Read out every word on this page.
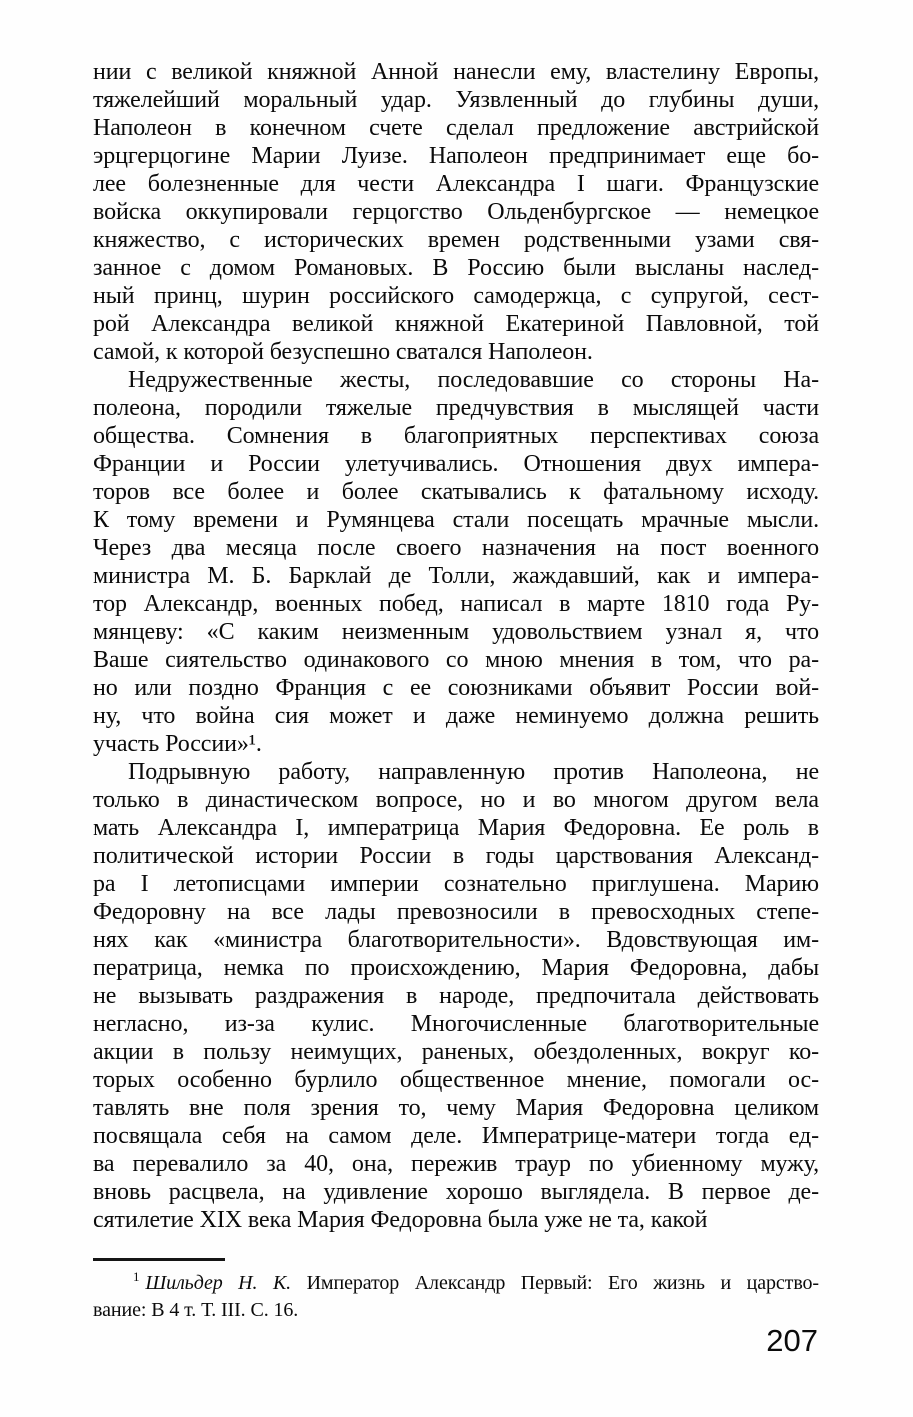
нии с великой княжной Анной нанесли ему, властелину Европы,
тяжелейший моральный удар. Уязвленный до глубины души,
Наполеон в конечном счете сделал предложение австрийской
эрцгерцогине Марии Луизе. Наполеон предпринимает еще бо-
лее болезненные для чести Александра I шаги. Французские
войска оккупировали герцогство Ольденбургское — немецкое
княжество, с исторических времен родственными узами свя-
занное с домом Романовых. В Россию были высланы наслед-
ный принц, шурин российского самодержца, с супругой, сест-
рой Александра великой княжной Екатериной Павловной, той
самой, к которой безуспешно сватался Наполеон.
Недружественные жесты, последовавшие со стороны На-
полеона, породили тяжелые предчувствия в мыслящей части
общества. Сомнения в благоприятных перспективах союза
Франции и России улетучивались. Отношения двух импера-
торов все более и более скатывались к фатальному исходу.
К тому времени и Румянцева стали посещать мрачные мысли.
Через два месяца после своего назначения на пост военного
министра М. Б. Барклай де Толли, жаждавший, как и импера-
тор Александр, военных побед, написал в марте 1810 года Ру-
мянцеву: «С каким неизменным удовольствием узнал я, что
Ваше сиятельство одинакового со мною мнения в том, что ра-
но или поздно Франция с ее союзниками объявит России вой-
ну, что война сия может и даже неминуемо должна решить
участь России»¹.
Подрывную работу, направленную против Наполеона, не
только в династическом вопросе, но и во многом другом вела
мать Александра I, императрица Мария Федоровна. Ее роль в
политической истории России в годы царствования Александ-
ра I летописцами империи сознательно приглушена. Марию
Федоровну на все лады превозносили в превосходных степе-
нях как «министра благотворительности». Вдовствующая им-
ператрица, немка по происхождению, Мария Федоровна, дабы
не вызывать раздражения в народе, предпочитала действовать
негласно, из-за кулис. Многочисленные благотворительные
акции в пользу неимущих, раненых, обездоленных, вокруг ко-
торых особенно бурлило общественное мнение, помогали ос-
тавлять вне поля зрения то, чему Мария Федоровна целиком
посвящала себя на самом деле. Императрице-матери тогда ед-
ва перевалило за 40, она, пережив траур по убиенному мужу,
вновь расцвела, на удивление хорошо выглядела. В первое де-
сятилетие XIX века Мария Федоровна была уже не та, какой
$^1$ Шильдер Н. К. Император Александр Первый: Его жизнь и царство-
вание: В 4 т. Т. III. С. 16.
207
